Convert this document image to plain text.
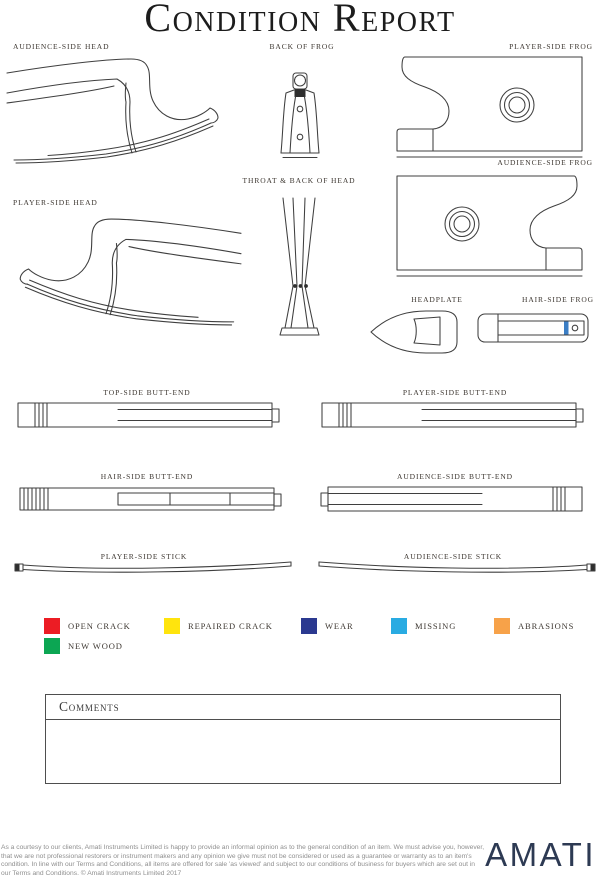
Condition Report
AUDIENCE-SIDE HEAD	BACK OF FROG	PLAYER-SIDE FROG
AUDIENCE-SIDE FROG
PLAYER-SIDE HEAD
THROAT & BACK OF HEAD
HEADPLATE	HAIR-SIDE FROG
TOP-SIDE BUTT-END	PLAYER-SIDE BUTT-END
HAIR-SIDE BUTT-END	AUDIENCE-SIDE BUTT-END
PLAYER-SIDE STICK	AUDIENCE-SIDE STICK
OPEN CRACK	REPAIRED CRACK	WEAR	MISSING	ABRASIONS
NEW WOOD
Comments
As a courtesy to our clients, Amati Instruments Limited is happy to provide an informal opinion as to the general condition of an item. We must advise you, however, that we are not professional restorers or instrument makers and any opinion we give must not be considered or used as a guarantee or warranty as to an item's condition. In line with our Terms and Conditions, all items are offered for sale 'as viewed' and subject to our conditions of business for buyers which are set out in our Terms and Conditions. © Amati Instruments Limited 2017
AMATI
